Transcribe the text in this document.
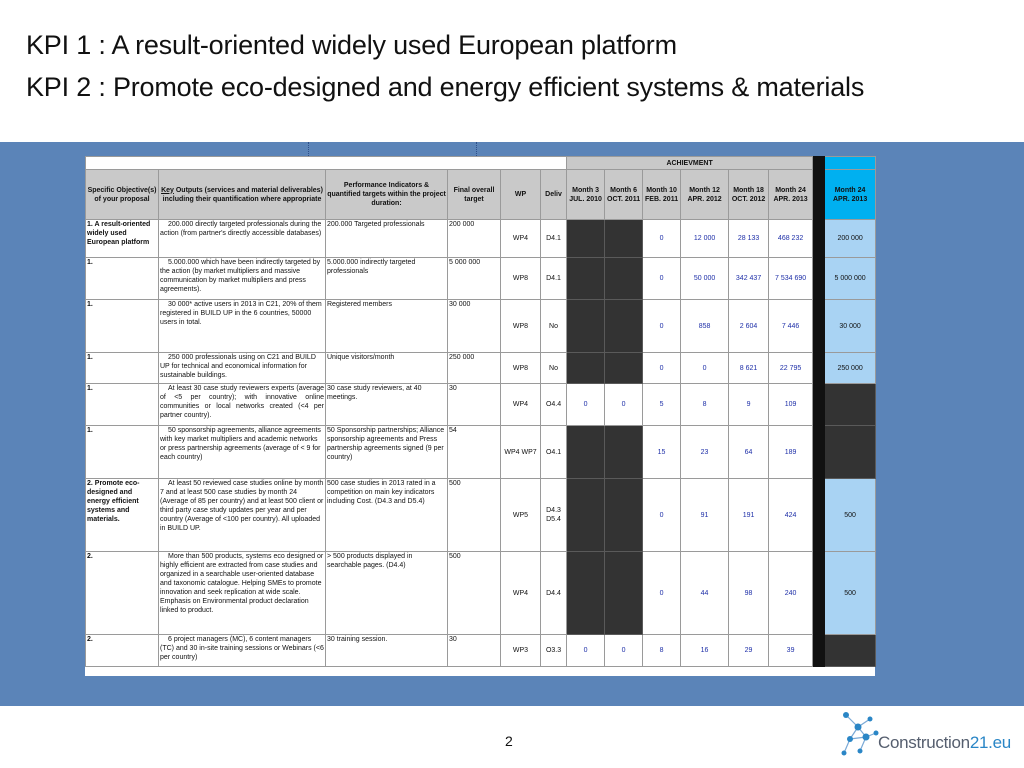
KPI 1 : A result-oriented widely used European platform
KPI 2 : Promote eco-designed and energy efficient systems & materials
						ACHIEVMENT							
Specific Objective(s) of your proposal	Key Outputs (services and material deliverables) including their quantification where appropriate	Performance Indicators & quantified targets within the project duration:	Final overall target	WP	Deliv	Month 3 JUL. 2010	Month 6 OCT. 2011	Month 10 FEB. 2011	Month 12 APR. 2012	Month 18 OCT. 2012	Month 24 APR. 2013		Month 24 APR. 2013
1. A result-oriented widely used European platform	200.000 directly targeted professionals during the action (from partner's directly accessible databases)	200.000 Targeted professionals	200 000	WP4	D4.1			0	12 000	28 133	468 232		200 000
1.	5.000.000 which have been indirectly targeted by the action (by market multipliers and massive communication by market multipliers and press agreements).	5.000.000 indirectly targeted professionals	5 000 000	WP8	D4.1			0	50 000	342 437	7 534 690		5 000 000
1.	30 000* active users in 2013 in C21, 20% of them registered in BUILD UP in the 6 countries, 50000 users in total.	Registered members	30 000	WP8	No			0	858	2 604	7 446		30 000
1.	250 000 professionals using on C21 and BUILD UP for technical and economical information for sustainable buildings.	Unique visitors/month	250 000	WP8	No			0	0	8 621	22 795		250 000
1.	At least 30 case study reviewers experts (average of <5 per country); with innovative online communities or local networks created (<4 per partner country).	30 case study reviewers, at 40 meetings.	30	WP4	O4.4	0	0	5	8	9	109		
1.	50 sponsorship agreements, alliance agreements with key market multipliers and academic networks or press partnership agreements (average of < 9 for each country)	50 Sponsorship partnerships; Alliance sponsorship agreements and Press partnership agreements signed (9 per country)	54	WP4 WP7	O4.1			15	23	64	189		
2. Promote eco-designed and energy efficient systems and materials.	At least 50 reviewed case studies online by month 7 and at least 500 case studies by month 24 (Average of 85 per country) and at least 500 client or third party case study updates per year and per country (Average of <100 per country). All uploaded in BUILD UP.	500 case studies in 2013 rated in a competition on main key indicators including Cost. (D4.3 and D5.4)	500	WP5	D4.3 D5.4			0	91	191	424		500
2.	More than 500 products, systems eco designed or highly efficient are extracted from case studies and organized in a searchable user-oriented database and taxonomic catalogue. Helping SMEs to promote innovation and seek replication at wide scale. Emphasis on Environmental product declaration linked to product.	> 500 products displayed in searchable pages. (D4.4)	500	WP4	D4.4			0	44	98	240		500
2.	6 project managers (MC), 6 content managers (TC) and 30 in-site training sessions or Webinars (<6 per country)	30 training session.	30	WP3	O3.3	0	0	8	16	29	39		
2	Construction21.eu
